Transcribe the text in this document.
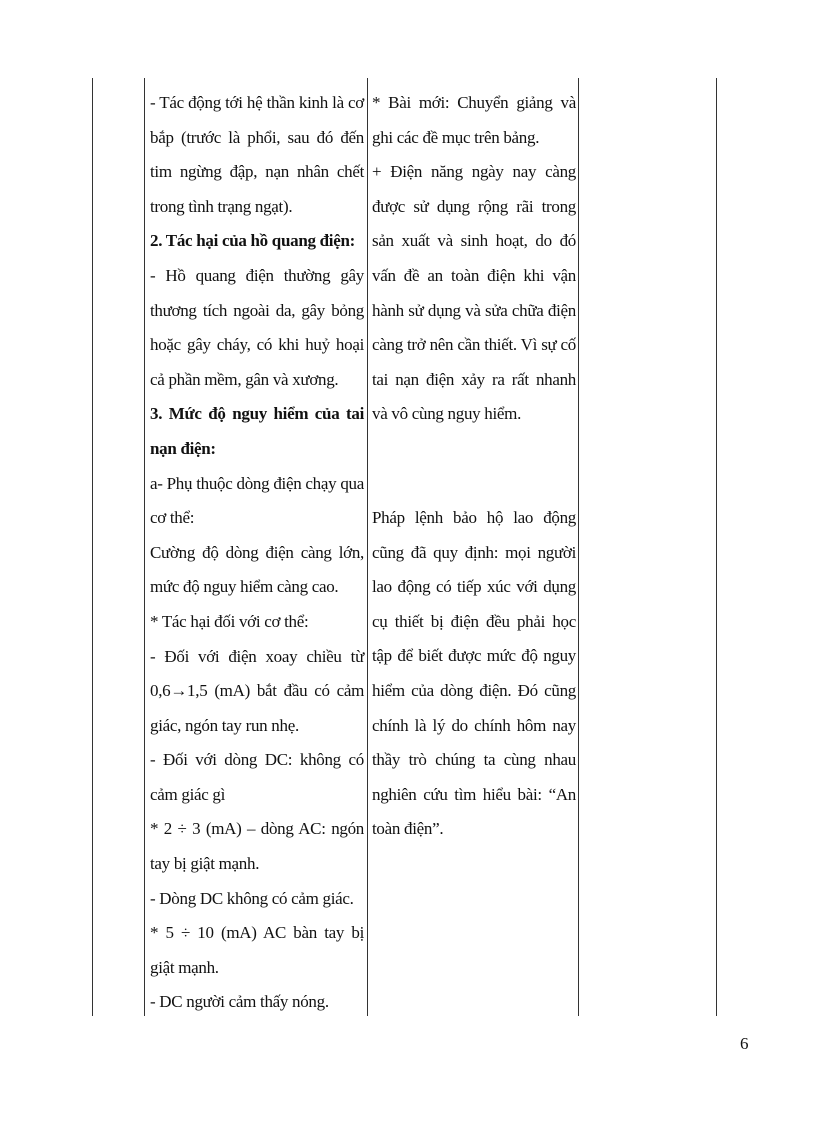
- Tác động tới hệ thần kinh là cơ bắp (trước là phổi, sau đó đến tim ngừng đập, nạn nhân chết trong tình trạng ngạt).

2. Tác hại của hồ quang điện:

- Hồ quang điện thường gây thương tích ngoài da, gây bỏng hoặc gây cháy, có khi huỷ hoại cả phần mềm, gân và xương.

3. Mức độ nguy hiểm của tai nạn điện:

a- Phụ thuộc dòng điện chạy qua cơ thể:

Cường độ dòng điện càng lớn, mức độ nguy hiểm càng cao.

* Tác hại đối với cơ thể:

- Đối với điện xoay chiều từ 0,6→1,5 (mA) bắt đầu có cảm giác, ngón tay run nhẹ.

- Đối với dòng DC: không có cảm giác gì

* 2 ÷ 3 (mA) – dòng AC: ngón tay bị giật mạnh.

- Dòng DC không có cảm giác.

* 5 ÷ 10 (mA) AC bàn tay bị giật mạnh.

- DC người cảm thấy nóng.

* Bài mới: Chuyển giảng và ghi các đề mục trên bảng.

+ Điện năng ngày nay càng được sử dụng rộng rãi trong sản xuất và sinh hoạt, do đó vấn đề an toàn điện khi vận hành sử dụng và sửa chữa điện càng trở nên cần thiết. Vì sự cố tai nạn điện xảy ra rất nhanh và vô cùng nguy hiểm.

Pháp lệnh bảo hộ lao động cũng đã quy định: mọi người lao động có tiếp xúc với dụng cụ thiết bị điện đều phải học tập để biết được mức độ nguy hiểm của dòng điện. Đó cũng chính là lý do chính hôm nay thầy trò chúng ta cùng nhau nghiên cứu tìm hiểu bài: “An toàn điện”.

6
